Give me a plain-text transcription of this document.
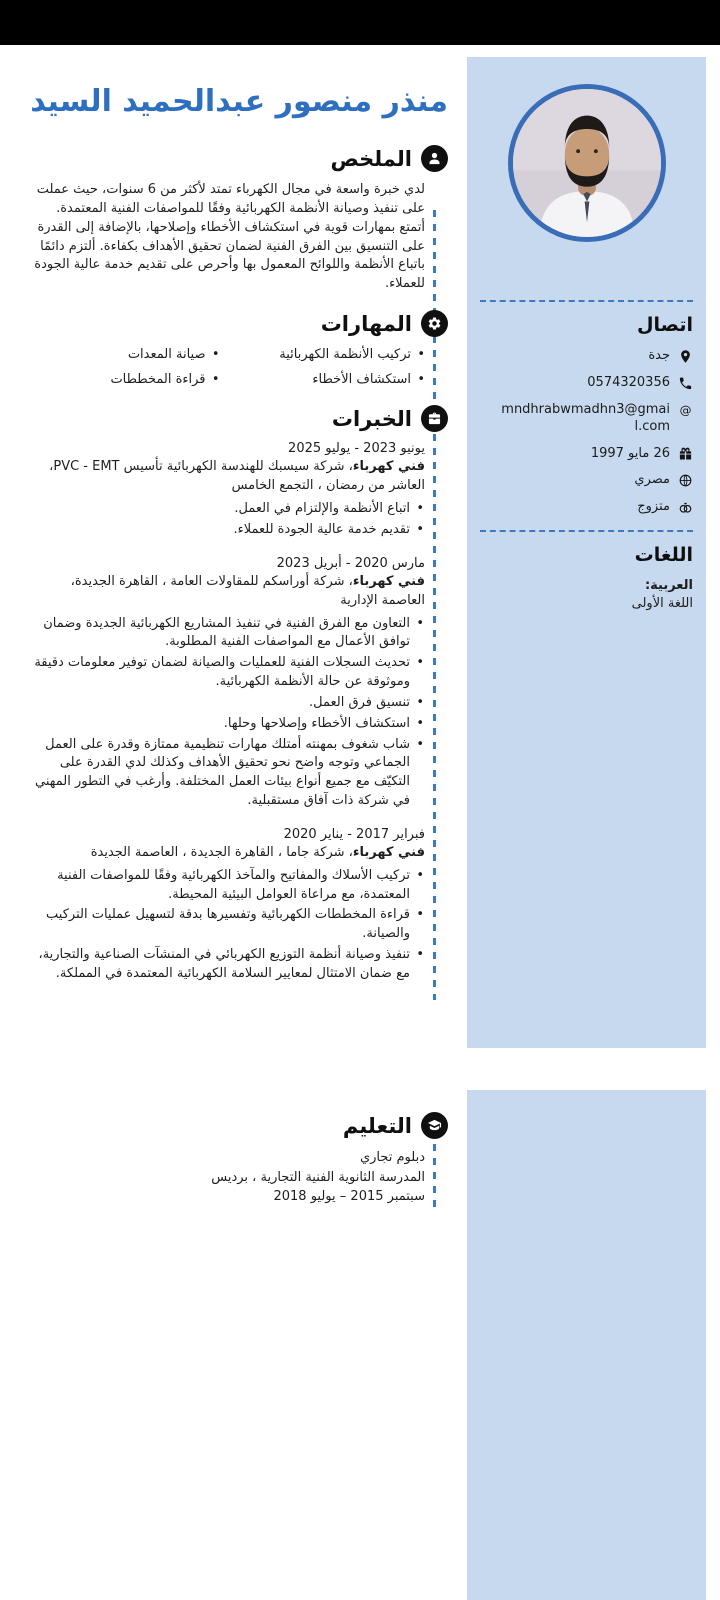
اتصال
جدة
0574320356
@
mndhrabwmadhn3@gmail.com
26 مايو 1997
مصري
متزوج
اللغات
العربية:
اللغة الأولى
منذر منصور عبدالحميد السيد
الملخص

لدي خبرة واسعة في مجال الكهرباء تمتد لأكثر من 6 سنوات، حيث عملت على تنفيذ وصيانة الأنظمة الكهربائية وفقًا للمواصفات الفنية المعتمدة. أتمتع بمهارات قوية في استكشاف الأخطاء وإصلاحها، بالإضافة إلى القدرة على التنسيق بين الفرق الفنية لضمان تحقيق الأهداف بكفاءة. ألتزم دائمًا باتباع الأنظمة واللوائح المعمول بها وأحرص على تقديم خدمة عالية الجودة للعملاء.

المهارات
• تركيب الأنظمة الكهربائية
• صيانة المعدات
• استكشاف الأخطاء
• قراءة المخططات
الخبرات
يونيو 2023 - يوليو 2025

فني كهرباء، شركة سيسبك للهندسة الكهربائية تأسيس PVC - EMT، العاشر من رمضان ، التجمع الخامس

• اتباع الأنظمة والإلتزام في العمل.
• تقديم خدمة عالية الجودة للعملاء.
مارس 2020 - أبريل 2023

فني كهرباء، شركة أوراسكم للمقاولات العامة ، القاهرة الجديدة، العاصمة الإدارية

• التعاون مع الفرق الفنية في تنفيذ المشاريع الكهربائية الجديدة وضمان توافق الأعمال مع المواصفات الفنية المطلوبة.
• تحديث السجلات الفنية للعمليات والصيانة لضمان توفير معلومات دقيقة وموثوقة عن حالة الأنظمة الكهربائية.
• تنسيق فرق العمل.
• استكشاف الأخطاء وإصلاحها وحلها.
• شاب شغوف بمهنته أمتلك مهارات تنظيمية ممتازة وقدرة على العمل الجماعي وتوجه واضح نحو تحقيق الأهداف وكذلك لدي القدرة على التكيّف مع جميع أنواع بيئات العمل المختلفة. وأرغب في التطور المهني في شركة ذات آفاق مستقبلية.
فبراير 2017 - يناير 2020

فني كهرباء، شركة جاما ، القاهرة الجديدة ، العاصمة الجديدة

• تركيب الأسلاك والمفاتيح والمآخذ الكهربائية وفقًا للمواصفات الفنية المعتمدة، مع مراعاة العوامل البيئية المحيطة.
• قراءة المخططات الكهربائية وتفسيرها بدقة لتسهيل عمليات التركيب والصيانة.
• تنفيذ وصيانة أنظمة التوزيع الكهربائي في المنشآت الصناعية والتجارية، مع ضمان الامتثال لمعايير السلامة الكهربائية المعتمدة في المملكة.
التعليم
دبلوم تجاري
المدرسة الثانوية الفنية التجارية ، برديس
سبتمبر 2015 – يوليو 2018
